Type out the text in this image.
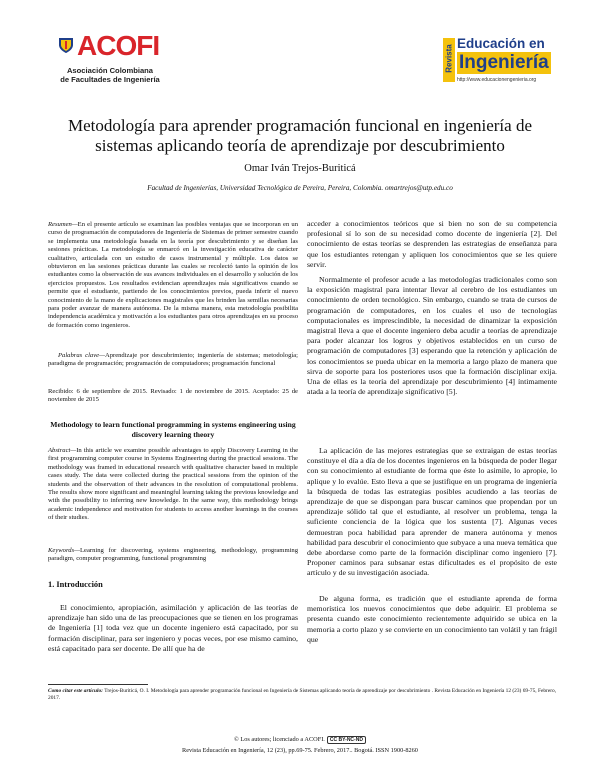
ACOFI
Asociación Colombiana
de Facultades de Ingeniería
Revista
Educación en
Ingeniería
http://www.educacionengenieria.org
Metodología para aprender programación funcional en ingeniería de sistemas aplicando teoría de aprendizaje por descubrimiento
Omar Iván Trejos-Buriticá
Facultad de Ingenierías, Universidad Tecnológica de Pereira, Pereira, Colombia. omartrejos@utp.edu.co

Resumen—En el presente artículo se examinan las posibles ventajas que se incorporan en un curso de programación de computadores de Ingeniería de Sistemas de primer semestre cuando se implementa una metodología basada en la teoría por descubrimiento y se diseñan las sesiones prácticas. La metodología se enmarcó en la investigación educativa de carácter cualitativo, articulada con un estudio de casos instrumental y múltiple. Los datos se obtuvieron en las sesiones prácticas durante las cuales se recolectó tanto la opinión de los estudiantes como la observación de sus avances individuales en el desarrollo y solución de los ejercicios propuestos. Los resultados evidencian aprendizajes más significativos cuando se permite que el estudiante, partiendo de los conocimientos previos, pueda inferir el nuevo conocimiento de la mano de explicaciones magistrales que les brinden las semillas necesarias para poder avanzar de manera autónoma. De la misma manera, esta metodología posibilita independencia académica y motivación a los estudiantes para otros aprendizajes en su proceso de formación como ingenieros.

Palabras clave—Aprendizaje por descubrimiento; ingeniería de sistemas; metodología; paradigma de programación; programación de computadores; programación funcional

Recibido: 6 de septiembre de 2015. Revisado: 1 de noviembre de 2015. Aceptado: 25 de noviembre de 2015

Methodology to learn functional programming in systems engineering using discovery learning theory

Abstract—In this article we examine possible advantages to apply Discovery Learning in the first programming computer course in Systems Engineering during the practical sessions. The methodology was framed in educational research with qualitative character based in multiple cases study. The data were collected during the practical sessions from the opinion of the students and the observation of their advances in the resolution of computational problems. The results show more significant and meaningful learning taking the previous knowledge and with the possibility to inferring new knowledge. In the same way, this methodology brings academic independence and motivation for students to access another learnings in the courses of their studies.

Keywords—Learning for discovering, systems engineering, methodology, programming paradigm, computer programming, functional programming

1. Introducción

El conocimiento, apropiación, asimilación y aplicación de las teorías de aprendizaje han sido una de las preocupaciones que se tienen en los programas de Ingeniería [1] toda vez que un docente ingeniero está capacitado, por su formación disciplinar, para ser ingeniero y pocas veces, por ese mismo camino, está capacitado para ser docente. De allí que ha de

acceder a conocimientos teóricos que si bien no son de su competencia profesional sí lo son de su necesidad como docente de ingeniería [2]. Del conocimiento de estas teorías se desprenden las estrategias de enseñanza para que los estudiantes retengan y apliquen los conocimientos que se les quiere servir.

Normalmente el profesor acude a las metodologías tradicionales como son la exposición magistral para intentar llevar al cerebro de los estudiantes un conocimiento de orden tecnológico. Sin embargo, cuando se trata de cursos de programación de computadores, en los cuales el uso de tecnologías computacionales es imprescindible, la necesidad de dinamizar la exposición magistral lleva a que el docente ingeniero deba acudir a teorías de aprendizaje para poder alcanzar los logros y objetivos establecidos en un curso de programación de computadores [3] esperando que la retención y aplicación de los conocimientos se pueda ubicar en la memoria a largo plazo de manera que sirva de soporte para los posteriores usos que la formación disciplinar exija. Una de ellas es la teoría del aprendizaje por descubrimiento [4] íntimamente atada a la teoría de aprendizaje significativo [5].

La aplicación de las mejores estrategias que se extraigan de estas teorías constituye el día a día de los docentes ingenieros en la búsqueda de poder llegar con su conocimiento al estudiante de forma que éste lo asimile, lo apropie, lo aplique y lo evalúe. Esto lleva a que se justifique en un programa de ingeniería la búsqueda de todas las estrategias posibles acudiendo a las teorías de aprendizaje de que se dispongan para buscar caminos que propendan por un aprendizaje sólido tal que el estudiante, al resolver un problema, tenga la suficiente conciencia de la lógica que los sustenta [7]. Algunas veces demuestran poca habilidad para aprender de manera autónoma y menos habilidad para descubrir el conocimiento que subyace a una nueva temática que debe abordarse como parte de la formación disciplinar como ingeniero [7]. Proponer caminos para subsanar estas dificultades es el propósito de este artículo y de su investigación asociada.

De alguna forma, es tradición que el estudiante aprenda de forma memorística los nuevos conocimientos que debe adquirir. El problema se presenta cuando este conocimiento recientemente adquirido se ubica en la memoria a corto plazo y se convierte en un conocimiento tan volátil y tan frágil que

Como citar este artículo: Trejos-Buriticá, O. I. Metodología para aprender programación funcional en Ingeniería de Sistemas aplicando teoría de aprendizaje por descubrimiento . Revista Educación en Ingeniería 12 (23) 69-75, Febrero, 2017.
© Los autores; licenciado a ACOFI. CC BY-NC-ND
Revista Educación en Ingeniería, 12 (23), pp.69-75. Febrero, 2017.. Bogotá. ISSN 1900-8260
